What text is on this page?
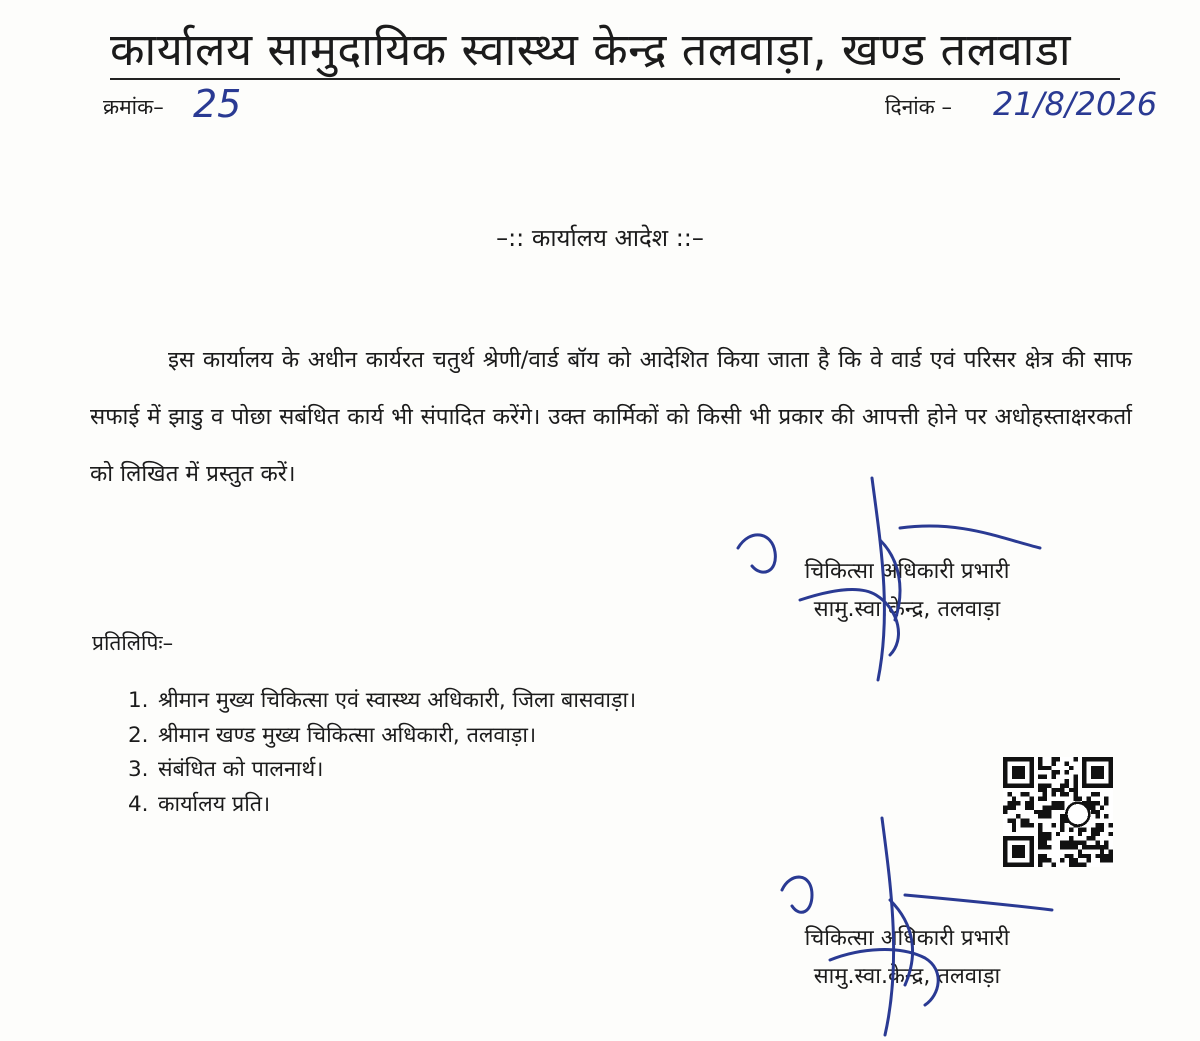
कार्यालय सामुदायिक स्वास्थ्य केन्द्र तलवाड़ा, खण्ड तलवाडा
क्रमांक– 25	दिनांक – 21/8/2026
–:: कार्यालय आदेश ::–
इस कार्यालय के अधीन कार्यरत चतुर्थ श्रेणी/वार्ड बॉय को आदेशित किया जाता है कि वे वार्ड एवं परिसर क्षेत्र की साफ सफाई में झाडु व पोछा सबंधित कार्य भी संपादित करेंगे। उक्त कार्मिकों को किसी भी प्रकार की आपत्ती होने पर अधोहस्ताक्षरकर्ता को लिखित में प्रस्तुत करें।
चिकित्सा अधिकारी प्रभारी
सामु.स्वा.केन्द्र, तलवाड़ा
प्रतिलिपिः–
1. श्रीमान मुख्य चिकित्सा एवं स्वास्थ्य अधिकारी, जिला बासवाड़ा।
2. श्रीमान खण्ड मुख्य चिकित्सा अधिकारी, तलवाड़ा।
3. संबंधित को पालनार्थ।
4. कार्यालय प्रति।
चिकित्सा अधिकारी प्रभारी
सामु.स्वा.केन्द्र, तलवाड़ा
